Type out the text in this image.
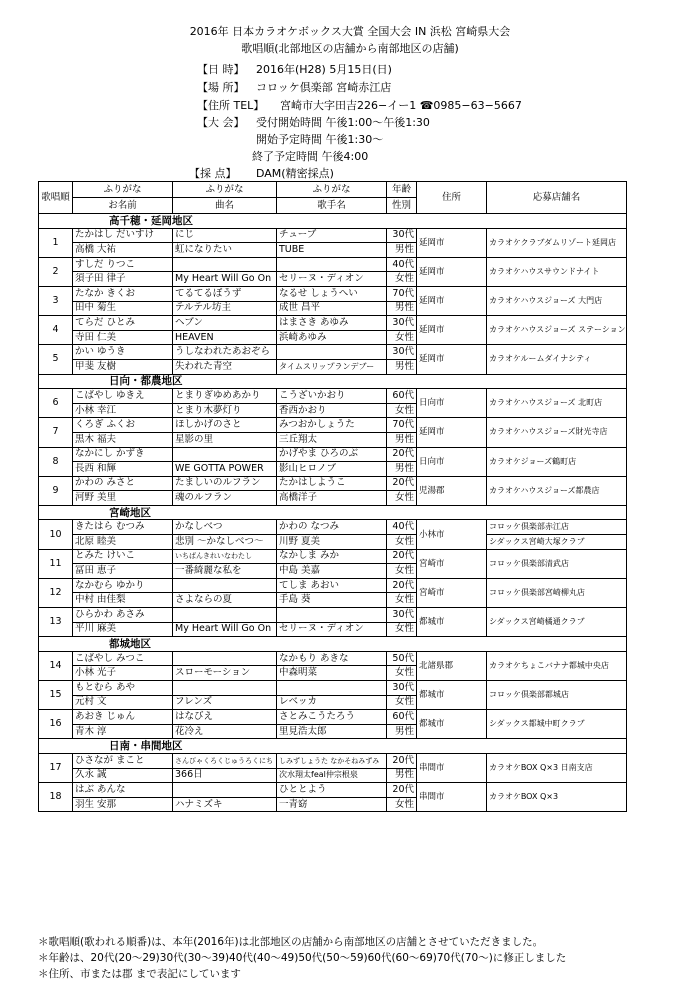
2016年 日本カラオケボックス大賞 全国大会 IN 浜松 宮崎県大会
歌唱順(北部地区の店舗から南部地区の店舗)
【日 時】 2016年(H28) 5月15日(日)
【場 所】 コロッケ倶楽部 宮崎赤江店
【住所 TEL】 宮崎市大字田吉226−イー1 ☎0985−63−5667
【大 会】 受付開始時間 午後1:00〜午後1:30
開始予定時間 午後1:30〜
終了予定時間 午後4:00
【採 点】 DAM(精密採点)
歌唱順	ふりがな	ふりがな	ふりがな	年齢	住所	応募店舗名	
	お名前	曲名	歌手名	性別			
高千穂・延岡地区							
1	たかはし だいすけ	にじ	チューブ	30代	延岡市	カラオケクラブダムリゾート延岡店	
	高橋 大祐	虹になりたい	TUBE	男性			
2	すしだ りつこ			40代	延岡市	カラオケハウスサウンドナイト	
	須子田 律子	My Heart Will Go On	セリーヌ・ディオン	女性			
3	たなか きくお	てるてるぼうず	なるせ しょうへい	70代	延岡市	カラオケハウスジョーズ 大門店	
	田中 菊生	テルテル坊主	成世 昌平	男性			
4	てらだ ひとみ	ヘブン	はまさき あゆみ	30代	延岡市	カラオケハウスジョーズ ステーション	
	寺田 仁美	HEAVEN	浜崎あゆみ	女性			
5	かい ゆうき	うしなわれたあおぞら		30代	延岡市	カラオケルームダイナシティ	
	甲斐 友樹	失われた青空	タイムスリップランデブー	男性			
日向・都農地区							
6	こばやし ゆきえ	とまりぎゆめあかり	こうざいかおり	60代	日向市	カラオケハウスジョーズ 北町店	
	小林 幸江	とまり木夢灯り	香西かおり	女性			
7	くろぎ ふくお	ほしかげのさと	みつおかしょうた	70代	延岡市	カラオケハウスジョーズ財光寺店	
	黒木 福夫	星影の里	三丘翔太	男性			
8	なかにし かずき		かげやま ひろのぶ	20代	日向市	カラオケジョーズ鶴町店	
	長西 和輝	WE GOTTA POWER	影山ヒロノブ	男性			
9	かわの みさと	たましいのルフラン	たかはしようこ	20代	児湯郡	カラオケハウスジョーズ都農店	
	河野 美里	魂のルフラン	高橋洋子	女性			
宮崎地区							
10	きたはら むつみ	かなしべつ	かわの なつみ	40代	小林市	コロッケ倶楽部赤江店	
	北原 睦美	悲別 〜かなしべつ〜	川野 夏美	女性		シダックス宮崎大塚クラブ	
11	とみた けいこ	いちばんきれいなわたし	なかしま みか	20代	宮崎市	コロッケ倶楽部清武店	
	冨田 恵子	一番綺麗な私を	中島 美嘉	女性			
12	なかむら ゆかり		てしま あおい	20代	宮崎市	コロッケ倶楽部宮崎柳丸店	
	中村 由佳梨	さよならの夏	手島 葵	女性			
13	ひらかわ あさみ			30代	都城市	シダックス宮崎橘通クラブ	
	平川 麻美	My Heart Will Go On	セリーヌ・ディオン	女性			
都城地区							
14	こばやし みつこ		なかもり あきな	50代	北諸県郡	カラオケちょこバナナ都城中央店	
	小林 光子	スローモーション	中森明菜	女性			
15	もとむら あや			30代	都城市	コロッケ倶楽部都城店	
	元村 文	フレンズ	レベッカ	女性			
16	あおき じゅん	はなびえ	さとみこうたろう	60代	都城市	シダックス都城中町クラブ	
	青木 淳	花冷え	里見浩太郎	男性			
日南・串間地区							
17	ひさなが まこと	さんびゃくろくじゅうろくにち	しみずしょうた なかそねみずみ	20代	串間市	カラオケBOX Q×3 日南支店	
	久永 誠	366日	次水翔太feal仲宗根泉	男性			
18	はぶ あんな		ひととよう	20代	串間市	カラオケBOX Q×3	
	羽生 安那	ハナミズキ	一青窈	女性			
＊歌唱順(歌われる順番)は、本年(2016年)は北部地区の店舗から南部地区の店舗とさせていただきました。
＊年齢は、20代(20〜29)30代(30〜39)40代(40〜49)50代(50〜59)60代(60〜69)70代(70〜)に修正しました
＊住所、市または郡 まで表記にしています
